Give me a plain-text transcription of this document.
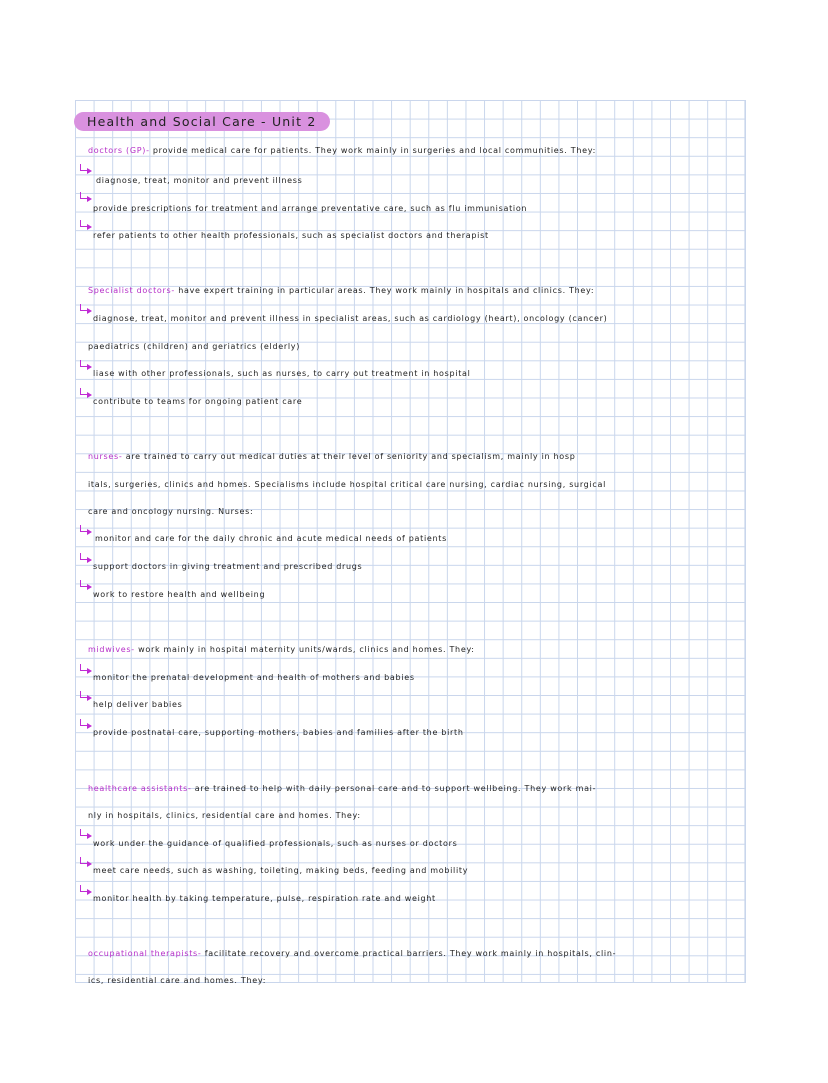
Health and Social Care - Unit 2
doctors (GP)- provide medical care for patients. They work mainly in surgeries and local communities. They:
diagnose, treat, monitor and prevent illness
provide prescriptions for treatment and arrange preventative care, such as flu immunisation
refer patients to other health professionals, such as specialist doctors and therapist
Specialist doctors- have expert training in particular areas. They work mainly in hospitals and clinics. They:
diagnose, treat, monitor and prevent illness in specialist areas, such as cardiology (heart), oncology (cancer)
paediatrics (children) and geriatrics (elderly)
liase with other professionals, such as nurses, to carry out treatment in hospital
contribute to teams for ongoing patient care
nurses- are trained to carry out medical duties at their level of seniority and specialism, mainly in hosp
itals, surgeries, clinics and homes. Specialisms include hospital critical care nursing, cardiac nursing, surgical
care and oncology nursing. Nurses:
monitor and care for the daily chronic and acute medical needs of patients
support doctors in giving treatment and prescribed drugs
work to restore health and wellbeing
midwives- work mainly in hospital maternity units/wards, clinics and homes. They:
monitor the prenatal development and health of mothers and babies
help deliver babies
provide postnatal care, supporting mothers, babies and families after the birth
healthcare assistants- are trained to help with daily personal care and to support wellbeing. They work mai-
nly in hospitals, clinics, residential care and homes. They:
work under the guidance of qualified professionals, such as nurses or doctors
meet care needs, such as washing, toileting, making beds, feeding and mobility
monitor health by taking temperature, pulse, respiration rate and weight
occupational therapists- facilitate recovery and overcome practical barriers. They work mainly in hospitals, clin-
ics, residential care and homes. They:
